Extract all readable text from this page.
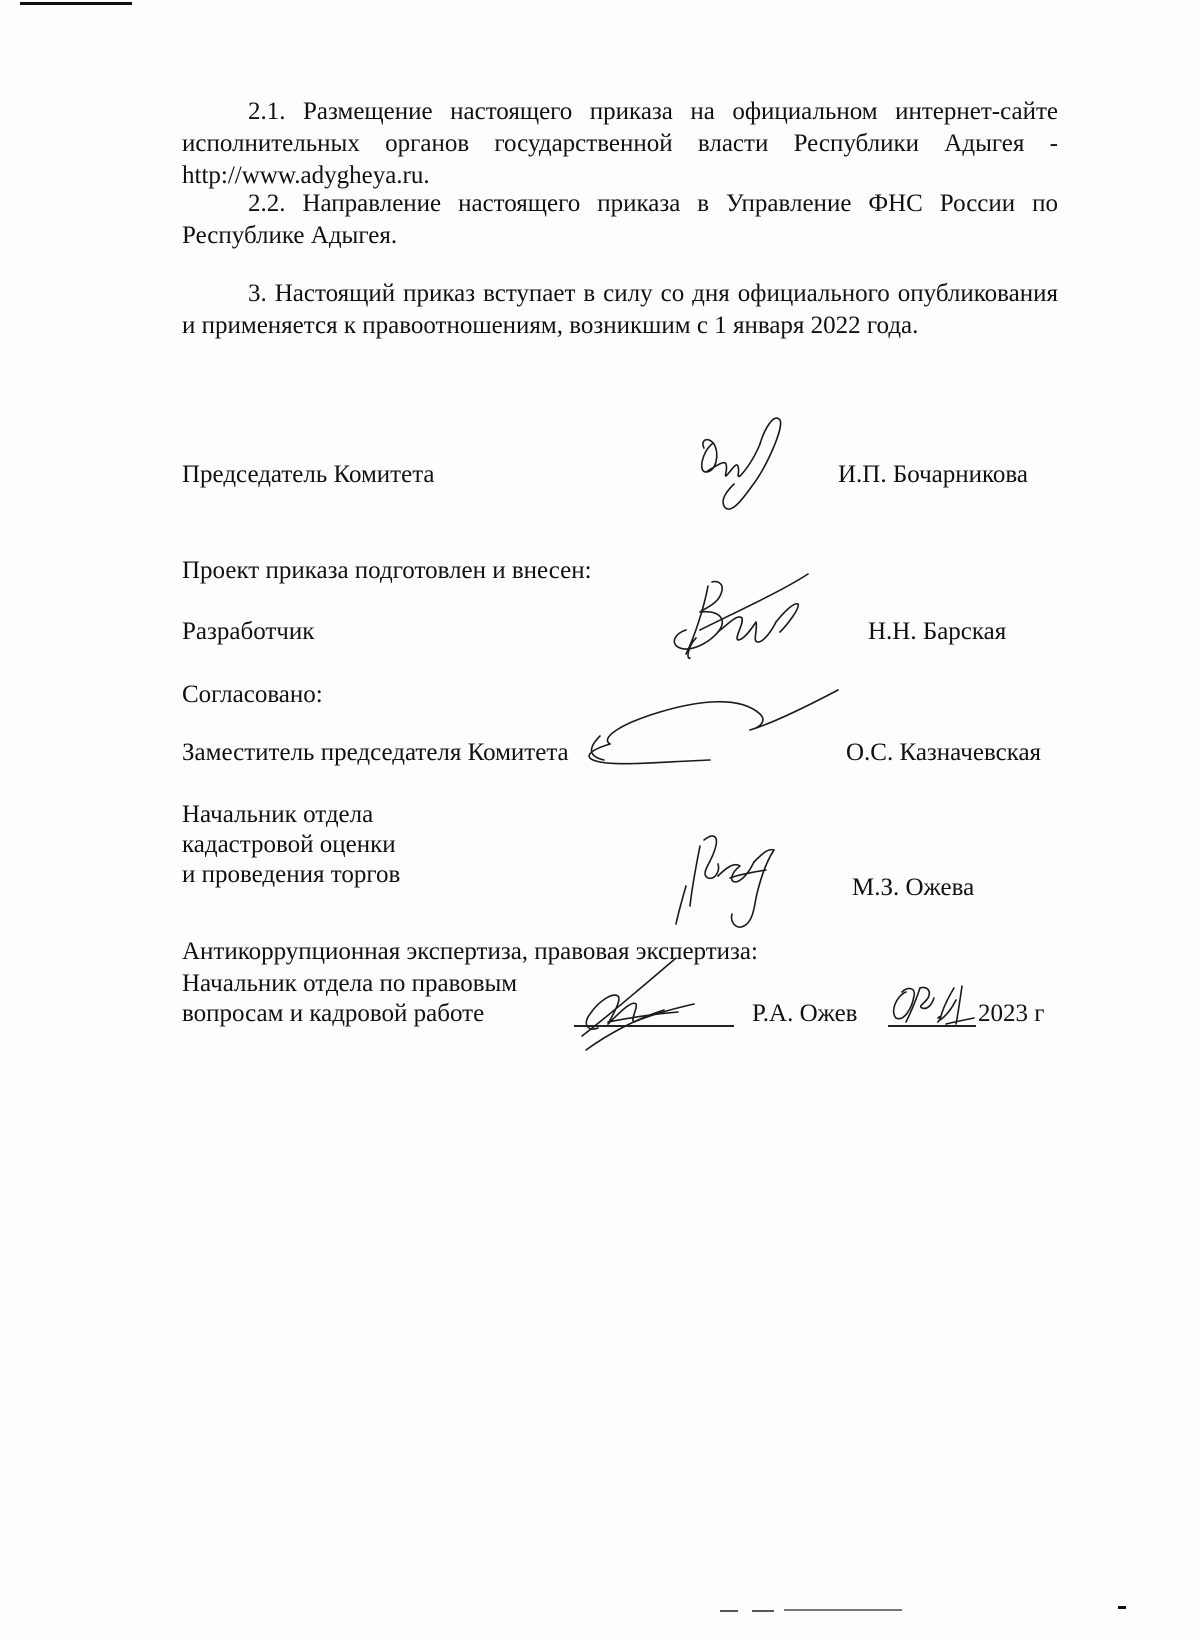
2.1. Размещение настоящего приказа на официальном интернет-сайте исполнительных органов государственной власти Республики Адыгея - http://www.adygheya.ru.

2.2. Направление настоящего приказа в Управление ФНС России по Республике Адыгея.

3. Настоящий приказ вступает в силу со дня официального опубликования и применяется к правоотношениям, возникшим с 1 января 2022 года.

Председатель Комитета	И.П. Бочарникова

Проект приказа подготовлен и внесен:

Разработчик	Н.Н. Барская

Согласовано:

Заместитель председателя Комитета	О.С. Казначевская

Начальник отдела

кадастровой оценки

и проведения торгов	М.З. Ожева

Антикоррупционная экспертиза, правовая экспертиза:

Начальник отдела по правовым

вопросам и кадровой работе	Р.А. Ожев	2023 г
